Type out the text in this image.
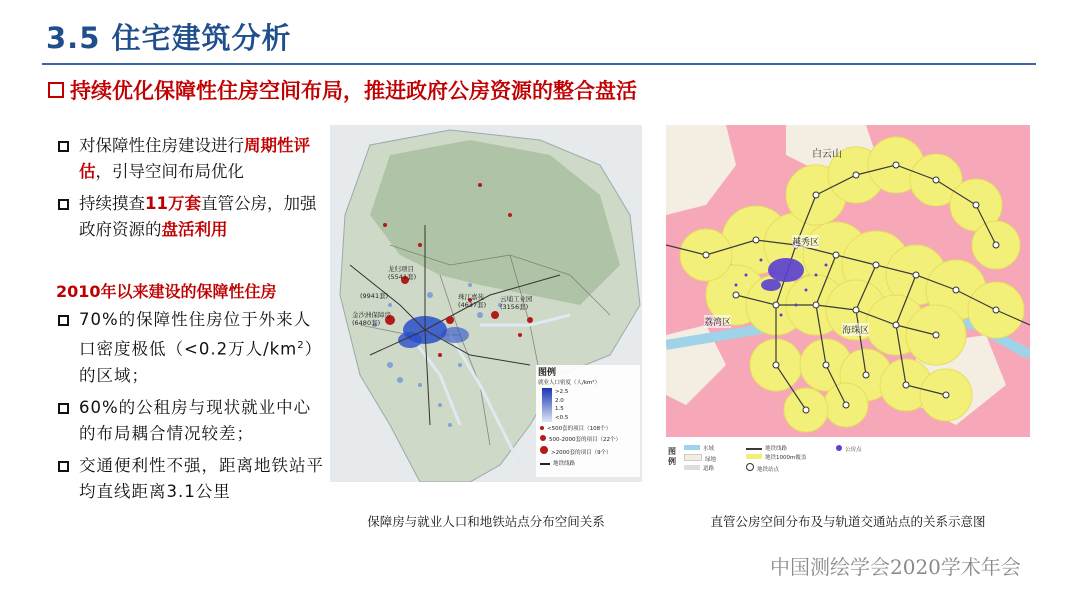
3.5 住宅建筑分析
持续优化保障性住房空间布局，推进政府公房资源的整合盘活
对保障性住房建设进行周期性评估，引导空间布局优化
持续摸查11万套直管公房，加强政府资源的盘活利用
2010年以来建设的保障性住房
70%的保障性住房位于外来人口密度极低（<0.2万人$/km^2$）的区域；
60%的公租房与现状就业中心的布局耦合情况较差；
交通便利性不强，距离地铁站平均直线距离3.1公里
龙归项目 (5541套)
金沙洲保障房 (6480套)
珠江嘉苑 (4637套)
云埔工业园 (3156套)
(9941套)
图例
就业人口密度（人/km²）
>2.5
2.0
1.5
<0.5
<500套的项目（108个）
500-2000套的项目（22个）
>2000套的项目（9个）
地铁线路
保障房与就业人口和地铁站点分布空间关系
白云山
越秀区
荔湾区
海珠区
图例
水域
绿地
道路
地铁线路
地铁1000m覆盖
地铁站点
公房点
直管公房空间分布及与轨道交通站点的关系示意图
中国测绘学会2020学术年会
